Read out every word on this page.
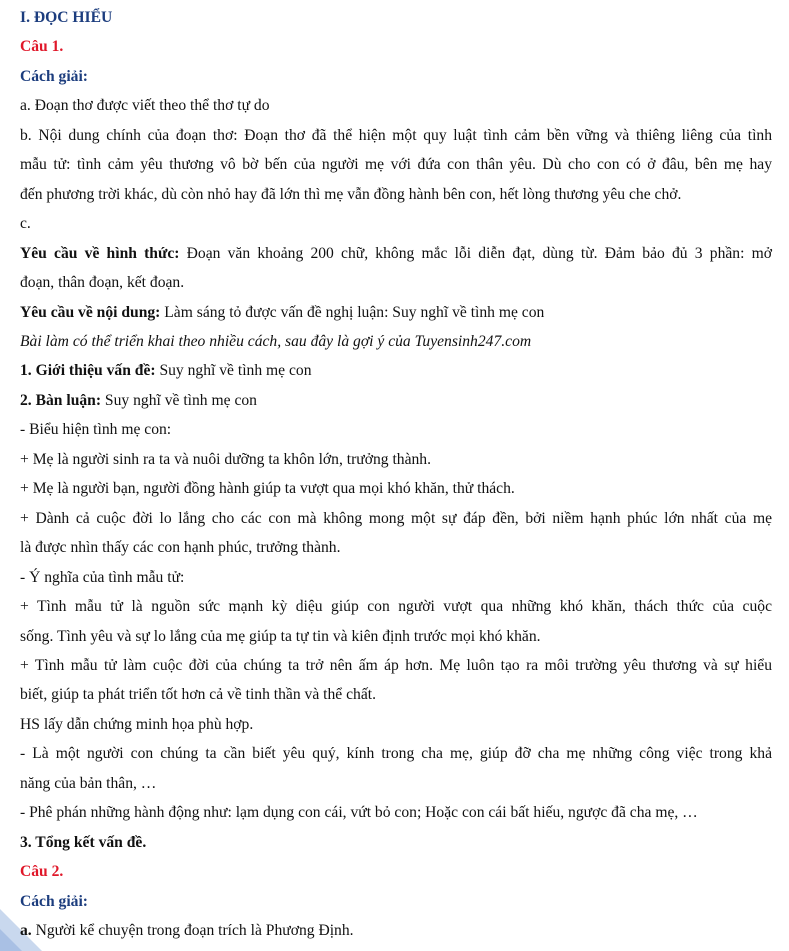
I. ĐỌC HIỂU
Câu 1.
Cách giải:
a. Đoạn thơ được viết theo thể thơ tự do
b. Nội dung chính của đoạn thơ: Đoạn thơ đã thể hiện một quy luật tình cảm bền vững và thiêng liêng của tình
mẫu tử: tình cảm yêu thương vô bờ bến của người mẹ với đứa con thân yêu. Dù cho con có ở đâu, bên mẹ hay
đến phương trời khác, dù còn nhỏ hay đã lớn thì mẹ vẫn đồng hành bên con, hết lòng thương yêu che chở.
c.
Yêu cầu về hình thức: Đoạn văn khoảng 200 chữ, không mắc lỗi diễn đạt, dùng từ. Đảm bảo đủ 3 phần: mở
đoạn, thân đoạn, kết đoạn.
Yêu cầu về nội dung: Làm sáng tỏ được vấn đề nghị luận: Suy nghĩ về tình mẹ con
Bài làm có thể triển khai theo nhiều cách, sau đây là gợi ý của Tuyensinh247.com
1. Giới thiệu vấn đề: Suy nghĩ về tình mẹ con
2. Bàn luận: Suy nghĩ về tình mẹ con
- Biểu hiện tình mẹ con:
+ Mẹ là người sinh ra ta và nuôi dưỡng ta khôn lớn, trưởng thành.
+ Mẹ là người bạn, người đồng hành giúp ta vượt qua mọi khó khăn, thử thách.
+ Dành cả cuộc đời lo lắng cho các con mà không mong một sự đáp đền, bởi niềm hạnh phúc lớn nhất của mẹ
là được nhìn thấy các con hạnh phúc, trưởng thành.
- Ý nghĩa của tình mẫu tử:
+ Tình mẫu tử là nguồn sức mạnh kỳ diệu giúp con người vượt qua những khó khăn, thách thức của cuộc
sống. Tình yêu và sự lo lắng của mẹ giúp ta tự tin và kiên định trước mọi khó khăn.
+ Tình mẫu tử làm cuộc đời của chúng ta trở nên ấm áp hơn. Mẹ luôn tạo ra môi trường yêu thương và sự hiểu
biết, giúp ta phát triển tốt hơn cả về tinh thần và thể chất.
HS lấy dẫn chứng minh họa phù hợp.
- Là một người con chúng ta cần biết yêu quý, kính trong cha mẹ, giúp đỡ cha mẹ những công việc trong khả
năng của bản thân, …
- Phê phán những hành động như: lạm dụng con cái, vứt bỏ con; Hoặc con cái bất hiếu, ngược đã cha mẹ, …
3. Tổng kết vấn đề.
Câu 2.
Cách giải:
a. Người kể chuyện trong đoạn trích là Phương Định.
